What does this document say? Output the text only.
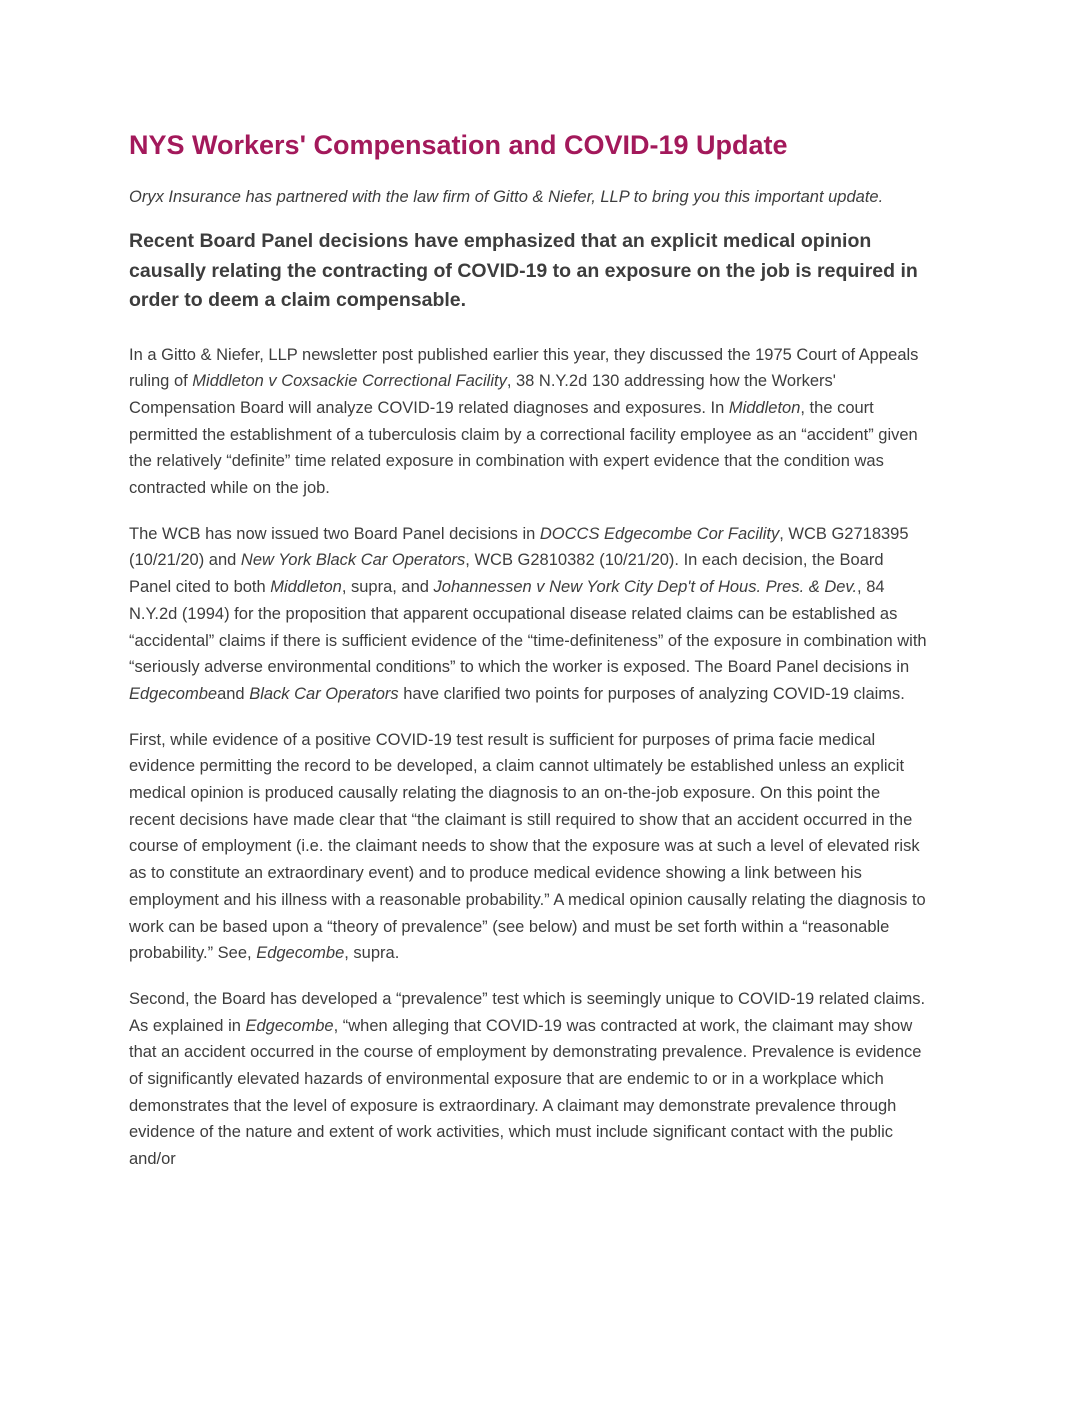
NYS Workers' Compensation and COVID-19 Update

Oryx Insurance has partnered with the law firm of Gitto & Niefer, LLP to bring you this important update.

Recent Board Panel decisions have emphasized that an explicit medical opinion causally relating the contracting of COVID-19 to an exposure on the job is required in order to deem a claim compensable.

In a Gitto & Niefer, LLP newsletter post published earlier this year, they discussed the 1975 Court of Appeals ruling of Middleton v Coxsackie Correctional Facility, 38 N.Y.2d 130 addressing how the Workers' Compensation Board will analyze COVID-19 related diagnoses and exposures. In Middleton, the court permitted the establishment of a tuberculosis claim by a correctional facility employee as an “accident” given the relatively “definite” time related exposure in combination with expert evidence that the condition was contracted while on the job.

The WCB has now issued two Board Panel decisions in DOCCS Edgecombe Cor Facility, WCB G2718395 (10/21/20) and New York Black Car Operators, WCB G2810382 (10/21/20). In each decision, the Board Panel cited to both Middleton, supra, and Johannessen v New York City Dep't of Hous. Pres. & Dev., 84 N.Y.2d (1994) for the proposition that apparent occupational disease related claims can be established as “accidental” claims if there is sufficient evidence of the “time-definiteness” of the exposure in combination with “seriously adverse environmental conditions” to which the worker is exposed. The Board Panel decisions in Edgecombeand Black Car Operators have clarified two points for purposes of analyzing COVID-19 claims.

First, while evidence of a positive COVID-19 test result is sufficient for purposes of prima facie medical evidence permitting the record to be developed, a claim cannot ultimately be established unless an explicit medical opinion is produced causally relating the diagnosis to an on-the-job exposure. On this point the recent decisions have made clear that “the claimant is still required to show that an accident occurred in the course of employment (i.e. the claimant needs to show that the exposure was at such a level of elevated risk as to constitute an extraordinary event) and to produce medical evidence showing a link between his employment and his illness with a reasonable probability.” A medical opinion causally relating the diagnosis to work can be based upon a “theory of prevalence” (see below) and must be set forth within a “reasonable probability.” See, Edgecombe, supra.

Second, the Board has developed a “prevalence” test which is seemingly unique to COVID-19 related claims. As explained in Edgecombe, “when alleging that COVID-19 was contracted at work, the claimant may show that an accident occurred in the course of employment by demonstrating prevalence. Prevalence is evidence of significantly elevated hazards of environmental exposure that are endemic to or in a workplace which demonstrates that the level of exposure is extraordinary. A claimant may demonstrate prevalence through evidence of the nature and extent of work activities, which must include significant contact with the public and/or
